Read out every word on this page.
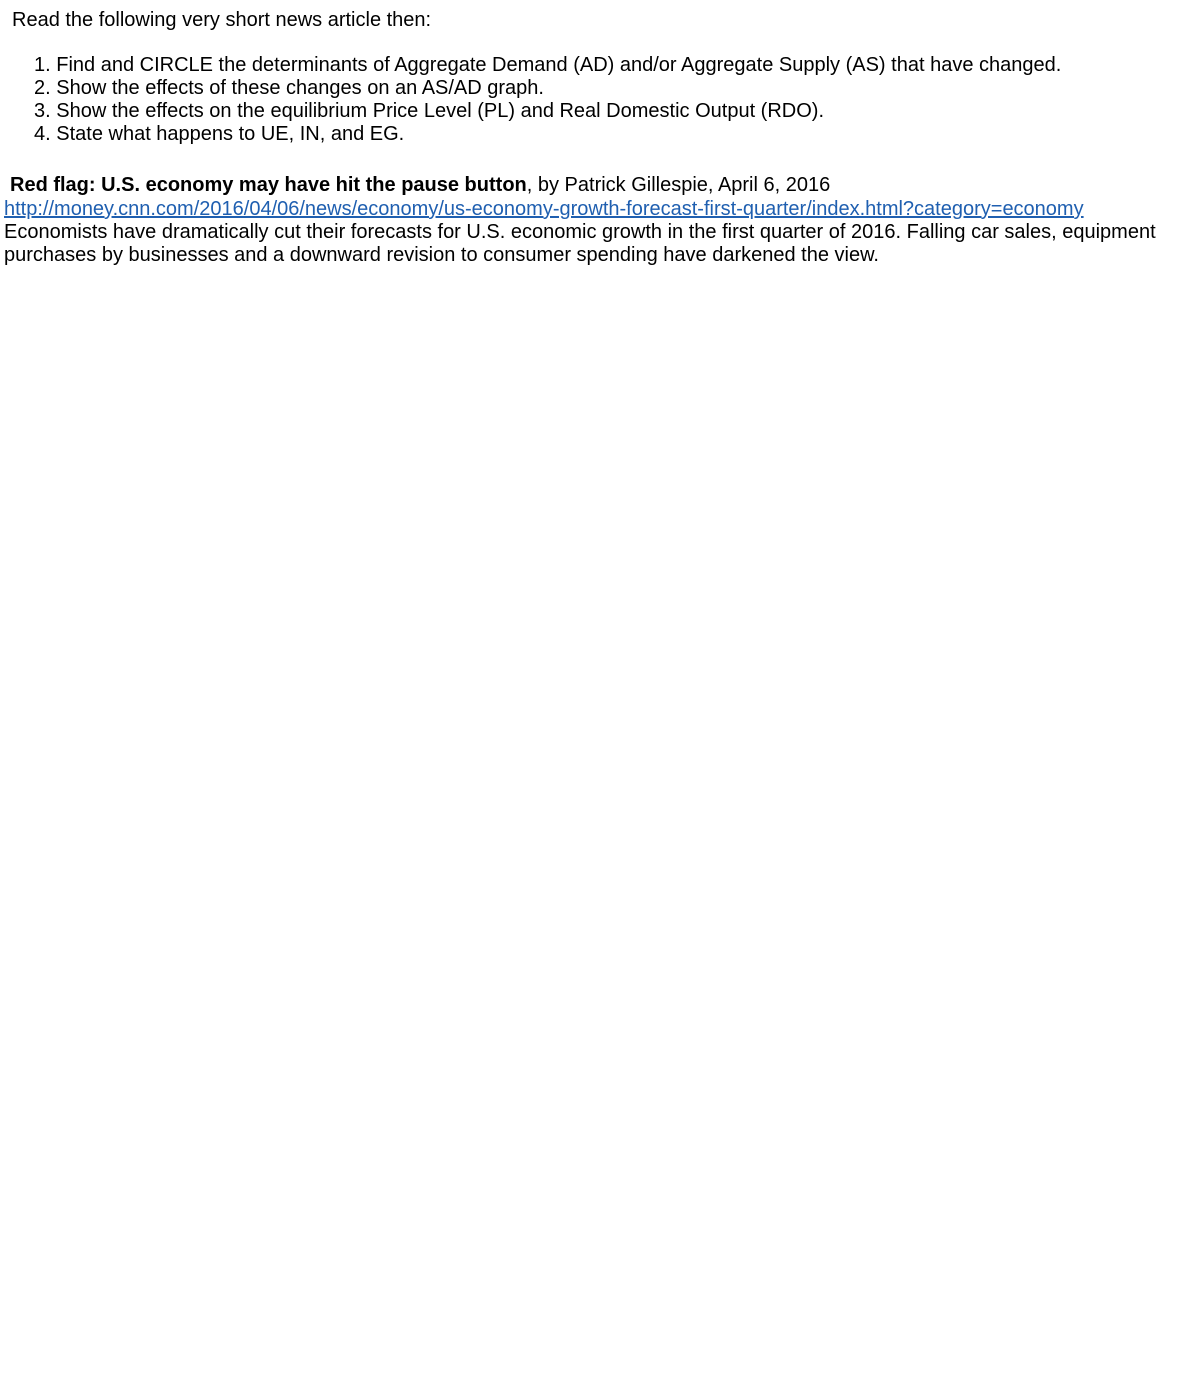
Read the following very short news article then:
1. Find and CIRCLE the determinants of Aggregate Demand (AD) and/or Aggregate Supply (AS) that have changed.
2. Show the effects of these changes on an AS/AD graph.
3. Show the effects on the equilibrium Price Level (PL) and Real Domestic Output (RDO).
4. State what happens to UE, IN, and EG.
Red flag: U.S. economy may have hit the pause button, by Patrick Gillespie, April 6, 2016
http://money.cnn.com/2016/04/06/news/economy/us-economy-growth-forecast-first-quarter/index.html?category=economy

Economists have dramatically cut their forecasts for U.S. economic growth in the first quarter of 2016. Falling car sales, equipment purchases by businesses and a downward revision to consumer spending have darkened the view.
